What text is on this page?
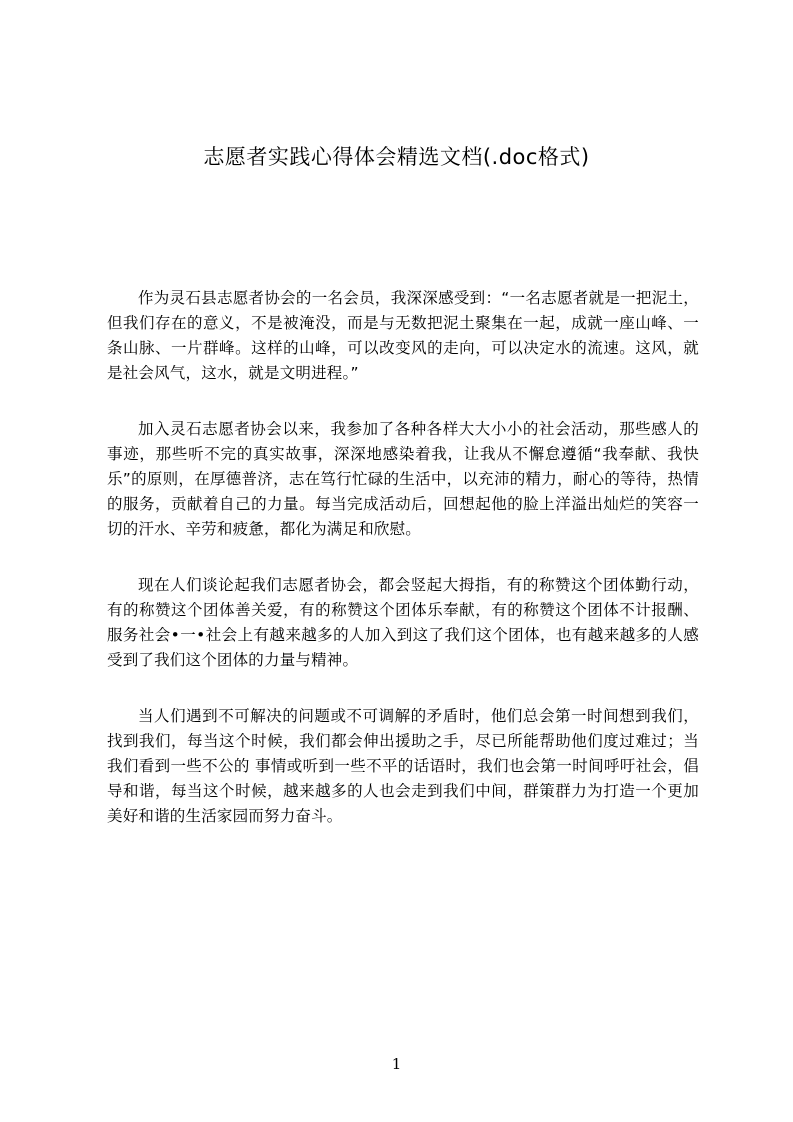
志愿者实践心得体会精选文档(.doc格式)

作为灵石县志愿者协会的一名会员，我深深感受到：“一名志愿者就是一把泥土，但我们存在的意义，不是被淹没，而是与无数把泥土聚集在一起，成就一座山峰、一条山脉、一片群峰。这样的山峰，可以改变风的走向，可以决定水的流速。这风，就是社会风气，这水，就是文明进程。”

加入灵石志愿者协会以来，我参加了各种各样大大小小的社会活动，那些感人的事迹，那些听不完的真实故事，深深地感染着我，让我从不懈怠遵循“我奉献、我快乐”的原则，在厚德普济，志在笃行忙碌的生活中，以充沛的精力，耐心的等待，热情的服务，贡献着自己的力量。每当完成活动后，回想起他的脸上洋溢出灿烂的笑容一切的汗水、辛劳和疲惫，都化为满足和欣慰。

现在人们谈论起我们志愿者协会，都会竖起大拇指，有的称赞这个团体勤行动，有的称赞这个团体善关爱，有的称赞这个团体乐奉献，有的称赞这个团体不计报酬、服务社会•一•社会上有越来越多的人加入到这了我们这个团体，也有越来越多的人感受到了我们这个团体的力量与精神。

当人们遇到不可解决的问题或不可调解的矛盾时，他们总会第一时间想到我们，找到我们，每当这个时候，我们都会伸出援助之手，尽已所能帮助他们度过难过；当我们看到一些不公的 事情或听到一些不平的话语时，我们也会第一时间呼吁社会，倡导和谐，每当这个时候，越来越多的人也会走到我们中间，群策群力为打造一个更加美好和谐的生活家园而努力奋斗。

1
